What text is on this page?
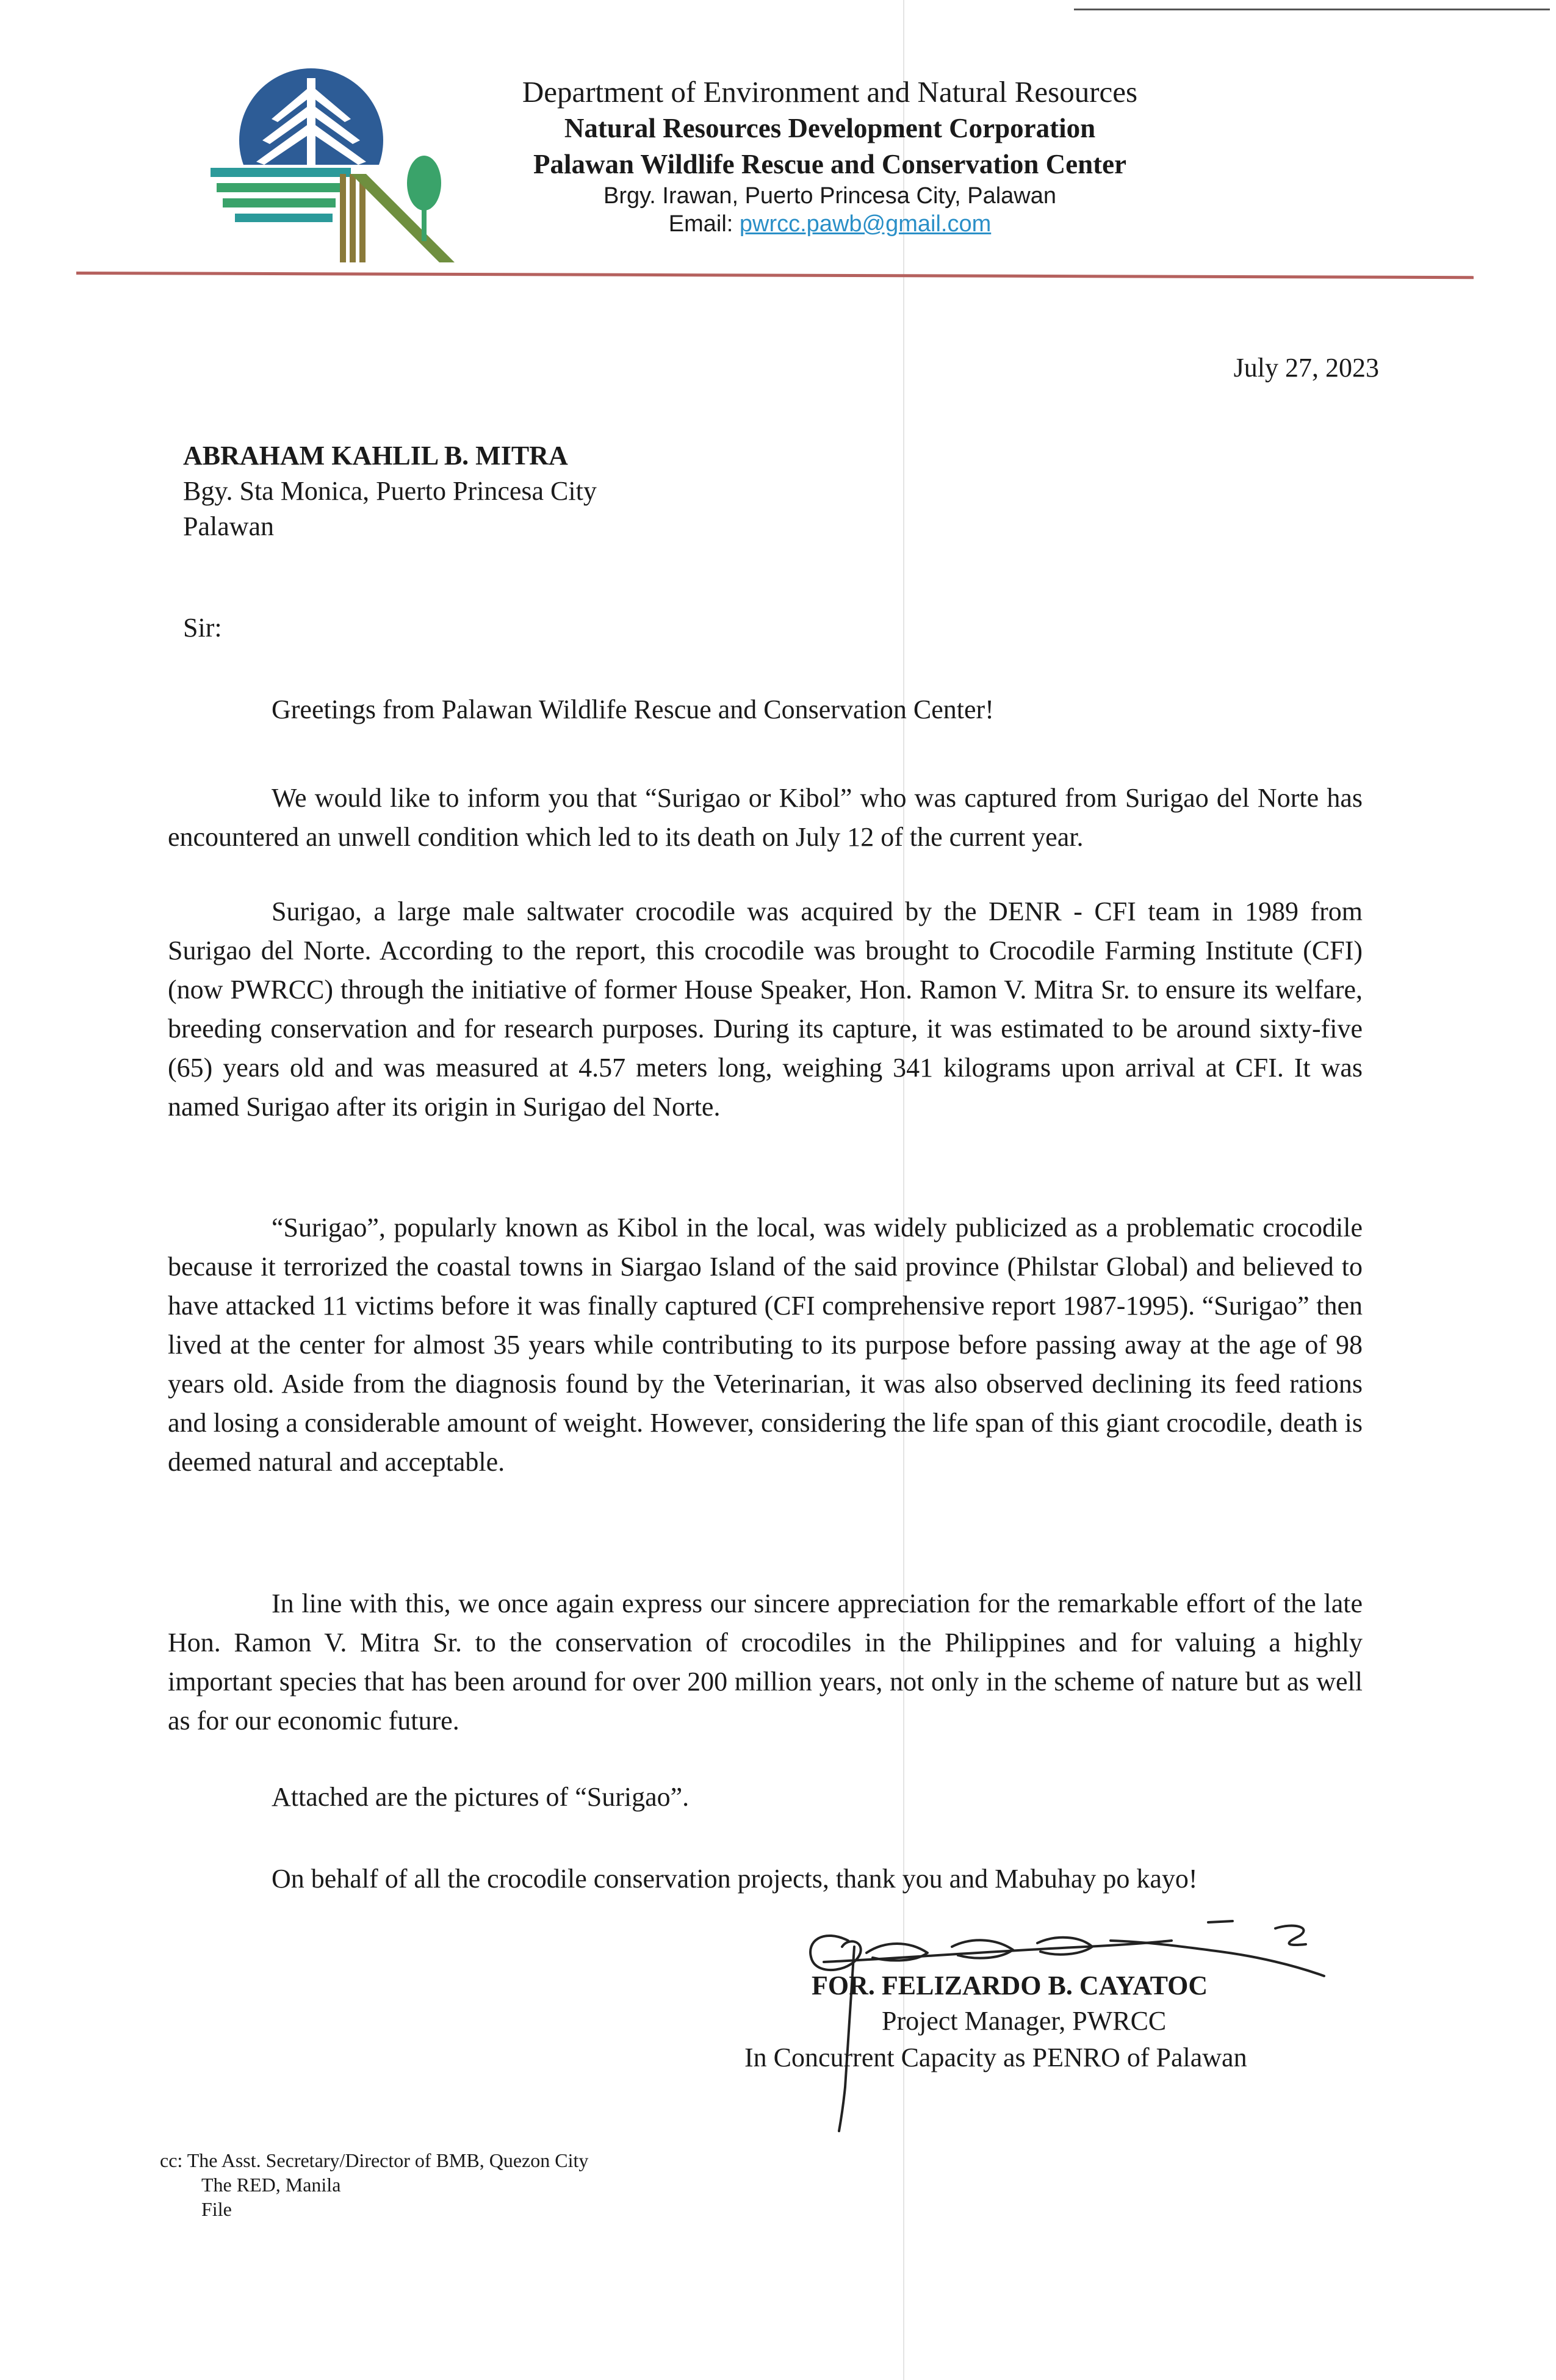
Department of Environment and Natural Resources
Natural Resources Development Corporation
Palawan Wildlife Rescue and Conservation Center
Brgy. Irawan, Puerto Princesa City, Palawan
Email: pwrcc.pawb@gmail.com
July 27, 2023
ABRAHAM KAHLIL B. MITRA
Bgy. Sta Monica, Puerto Princesa City
Palawan
Sir:

Greetings from Palawan Wildlife Rescue and Conservation Center!

We would like to inform you that “Surigao or Kibol” who was captured from Surigao del Norte has encountered an unwell condition which led to its death on July 12 of the current year.

Surigao, a large male saltwater crocodile was acquired by the DENR - CFI team in 1989 from Surigao del Norte. According to the report, this crocodile was brought to Crocodile Farming Institute (CFI) (now PWRCC) through the initiative of former House Speaker, Hon. Ramon V. Mitra Sr. to ensure its welfare, breeding conservation and for research purposes. During its capture, it was estimated to be around sixty-five (65) years old and was measured at 4.57 meters long, weighing 341 kilograms upon arrival at CFI. It was named Surigao after its origin in Surigao del Norte.

“Surigao”, popularly known as Kibol in the local, was widely publicized as a problematic crocodile because it terrorized the coastal towns in Siargao Island of the said province (Philstar Global) and believed to have attacked 11 victims before it was finally captured (CFI comprehensive report 1987-1995). “Surigao” then lived at the center for almost 35 years while contributing to its purpose before passing away at the age of 98 years old. Aside from the diagnosis found by the Veterinarian, it was also observed declining its feed rations and losing a considerable amount of weight. However, considering the life span of this giant crocodile, death is deemed natural and acceptable.

In line with this, we once again express our sincere appreciation for the remarkable effort of the late Hon. Ramon V. Mitra Sr. to the conservation of crocodiles in the Philippines and for valuing a highly important species that has been around for over 200 million years, not only in the scheme of nature but as well as for our economic future.

Attached are the pictures of “Surigao”.

On behalf of all the crocodile conservation projects, thank you and Mabuhay po kayo!

FOR. FELIZARDO B. CAYATOC
Project Manager, PWRCC
In Concurrent Capacity as PENRO of Palawan
cc: The Asst. Secretary/Director of BMB, Quezon City
The RED, Manila
File
